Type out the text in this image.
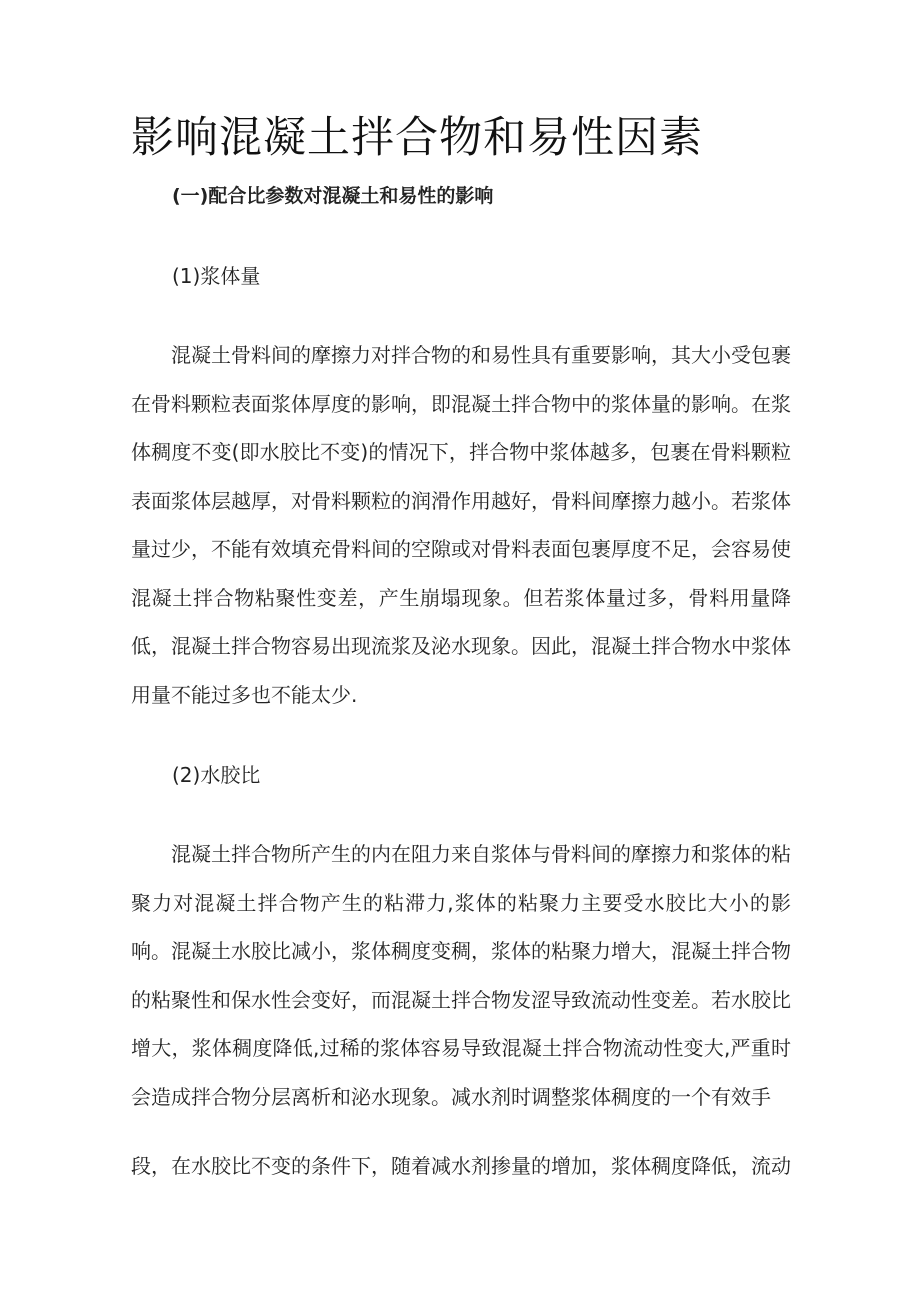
影响混凝土拌合物和易性因素
(一)配合比参数对混凝土和易性的影响
(1)浆体量

混凝土骨料间的摩擦力对拌合物的和易性具有重要影响，其大小受包裹在骨料颗粒表面浆体厚度的影响，即混凝土拌合物中的浆体量的影响。在浆体稠度不变(即水胶比不变)的情况下，拌合物中浆体越多，包裹在骨料颗粒表面浆体层越厚，对骨料颗粒的润滑作用越好，骨料间摩擦力越小。若浆体量过少，不能有效填充骨料间的空隙或对骨料表面包裹厚度不足，会容易使混凝土拌合物粘聚性变差，产生崩塌现象。但若浆体量过多，骨料用量降低，混凝土拌合物容易出现流浆及泌水现象。因此，混凝土拌合物水中浆体用量不能过多也不能太少.

(2)水胶比

混凝土拌合物所产生的内在阻力来自浆体与骨料间的摩擦力和浆体的粘聚力对混凝土拌合物产生的粘滞力,浆体的粘聚力主要受水胶比大小的影响。混凝土水胶比减小，浆体稠度变稠，浆体的粘聚力增大，混凝土拌合物的粘聚性和保水性会变好，而混凝土拌合物发涩导致流动性变差。若水胶比增大，浆体稠度降低,过稀的浆体容易导致混凝土拌合物流动性变大,严重时会造成拌合物分层离析和泌水现象。减水剂时调整浆体稠度的一个有效手

段，在水胶比不变的条件下，随着减水剂掺量的增加，浆体稠度降低，流动
